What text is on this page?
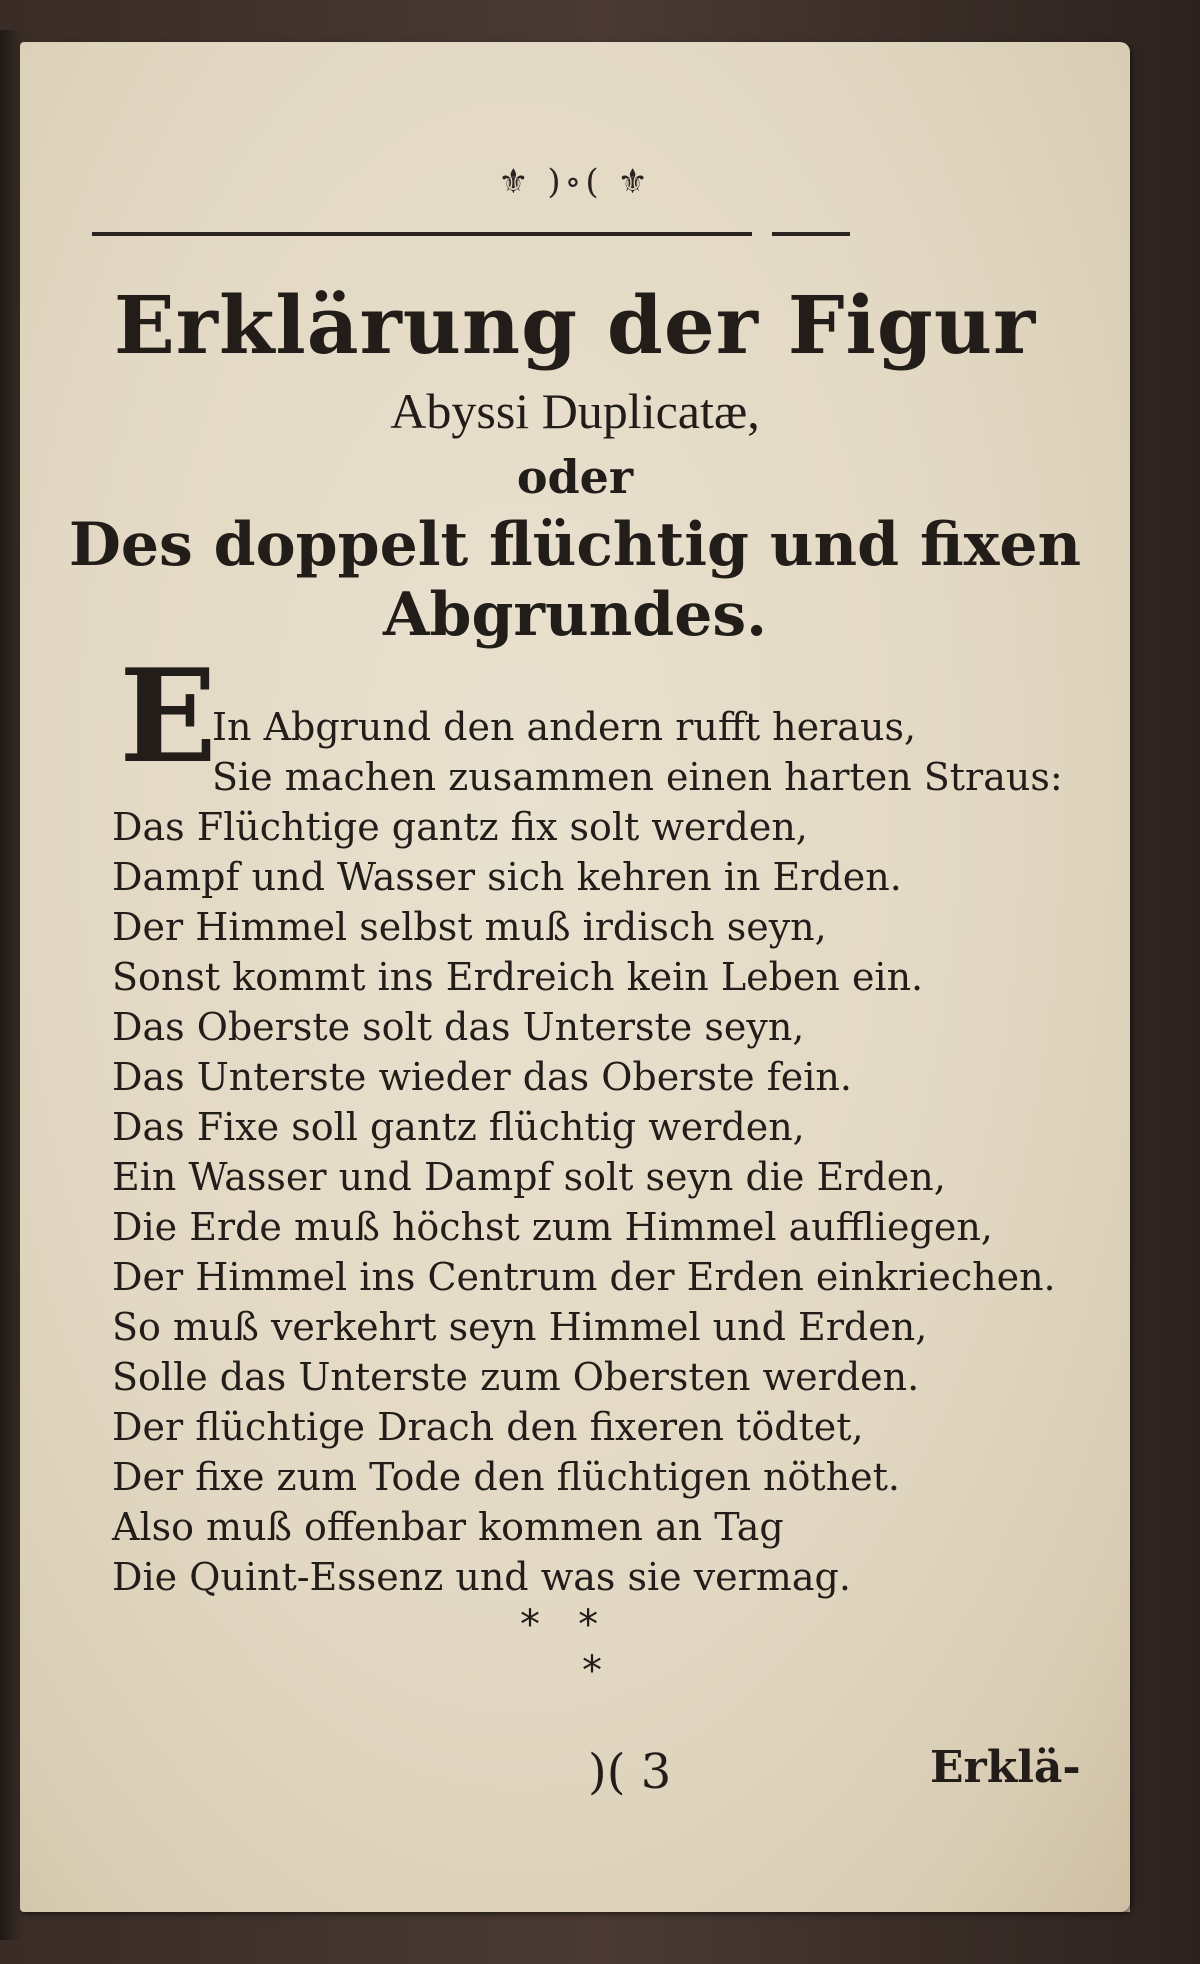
⚜ )∘( ⚜
Erklärung der Figur
Abyssi Duplicatæ,
oder
Des doppelt flüchtig und fixen
Abgrundes.
E
In Abgrund den andern rufft heraus,
Sie machen zusammen einen harten Straus:
Das Flüchtige gantz fix solt werden,
Dampf und Wasser sich kehren in Erden.
Der Himmel selbst muß irdisch seyn,
Sonst kommt ins Erdreich kein Leben ein.
Das Oberste solt das Unterste seyn,
Das Unterste wieder das Oberste fein.
Das Fixe soll gantz flüchtig werden,
Ein Wasser und Dampf solt seyn die Erden,
Die Erde muß höchst zum Himmel auffliegen,
Der Himmel ins Centrum der Erden einkriechen.
So muß verkehrt seyn Himmel und Erden,
Solle das Unterste zum Obersten werden.
Der flüchtige Drach den fixeren tödtet,
Der fixe zum Tode den flüchtigen nöthet.
Also muß offenbar kommen an Tag
Die Quint-Essenz und was sie vermag.
*   *
*
)( 3	Erklä-
